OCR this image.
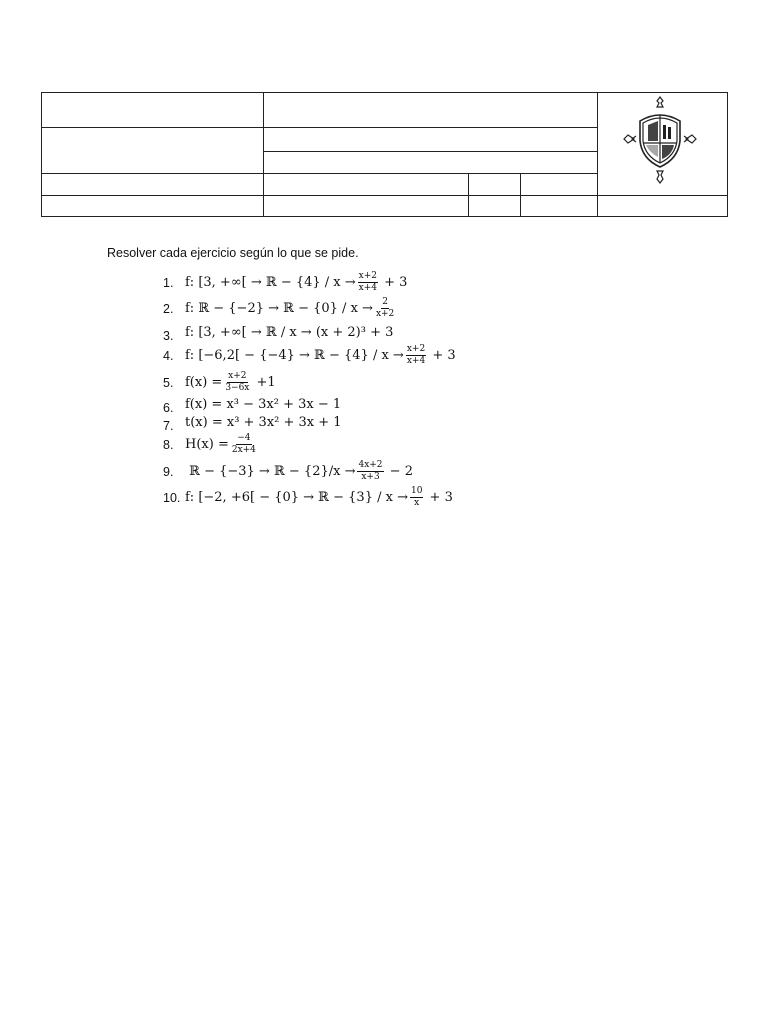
Resolver cada ejercicio según lo que se pide.
1. f: [3, +∞[ → ℝ − $\{4\} / x \to \frac{x+2}{x+4} + 3$
2. f: ℝ − {−2} → ℝ − $\{0\} / x \to \frac{2}{x+2}$
3. f: [3, +∞[ → ℝ / x → (x + 2)³ + 3
4. f: [−6,2[ − {−4} → ℝ − $\{4\} / x \to \frac{x+2}{x+4} + 3$
5. $f(x) = \frac{x+2}{3-6x} +1$
6. f(x) = x³ − 3x² + 3x − 1
7. t(x) = x³ + 3x² + 3x + 1
8. $H(x) = \frac{-4}{2x+4}$
9. ℝ − {−3} → ℝ − $\{2\}/x \to \frac{4x+2}{x+3} - 2$
10. f: [−2, +6[ − {0} → ℝ − $\{3\} / x \to \frac{10}{x} + 3$
